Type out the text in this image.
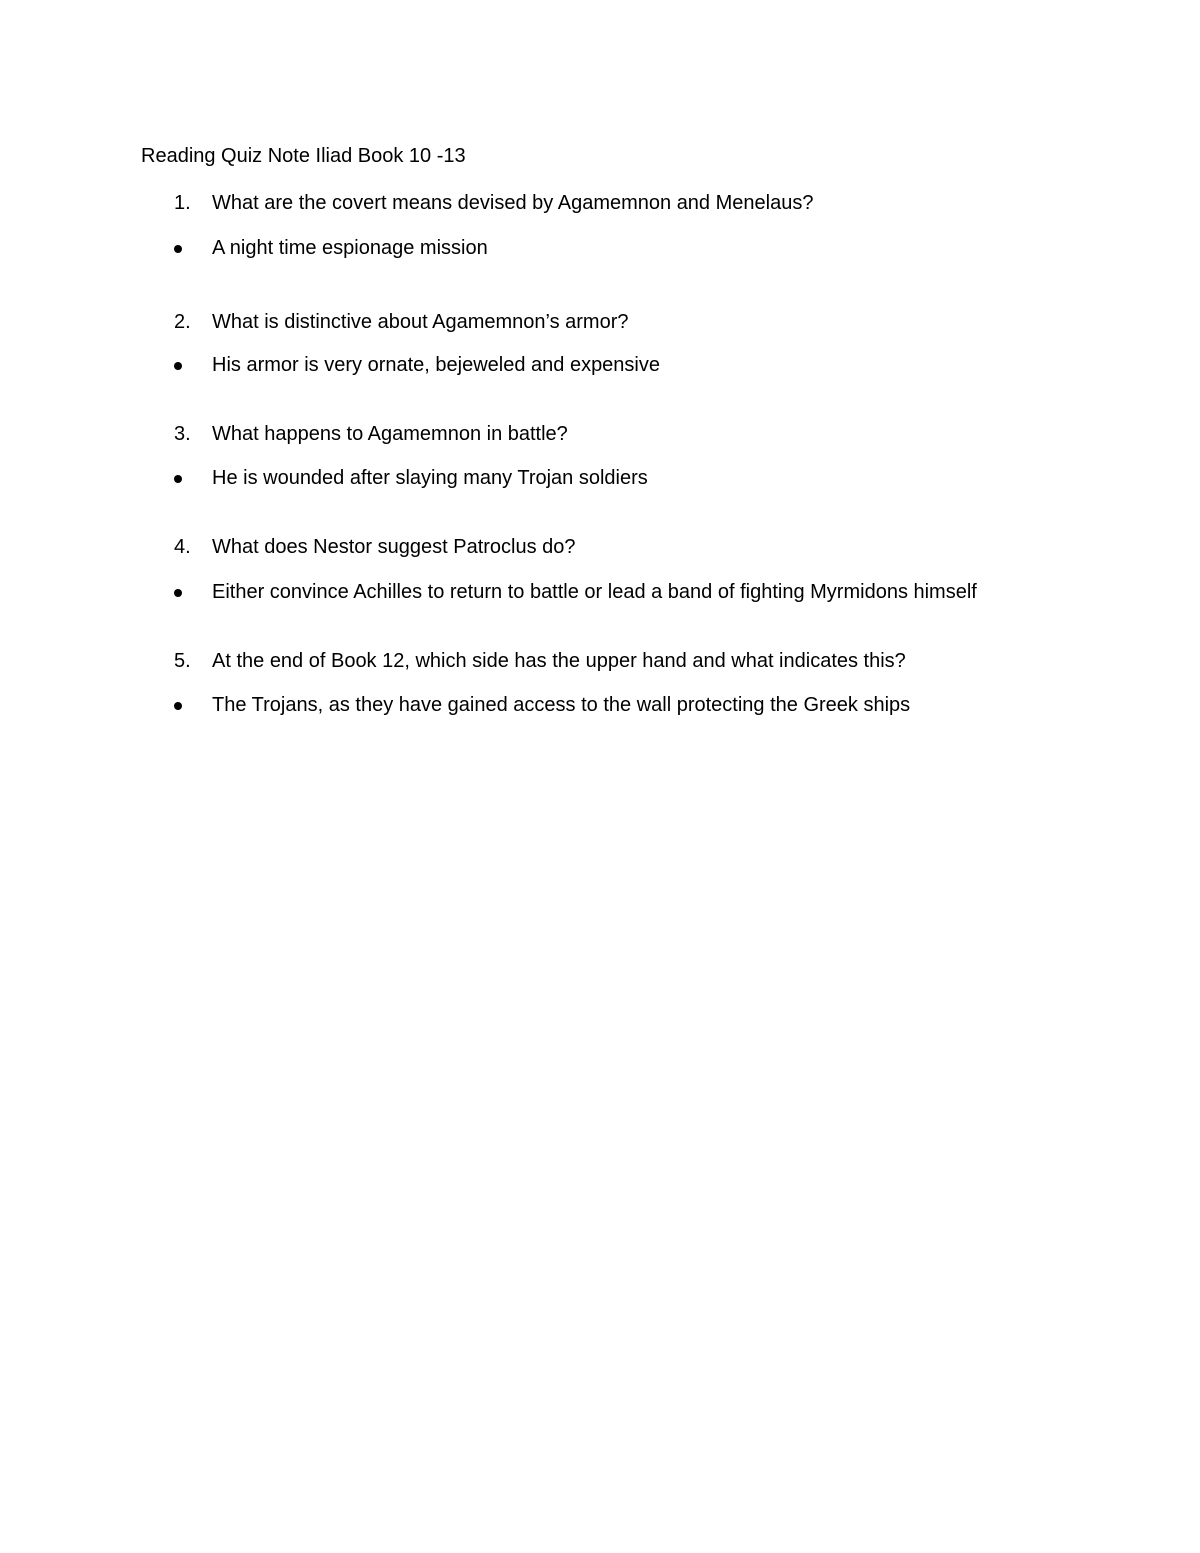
Reading Quiz Note Iliad Book 10 -13
1. What are the covert means devised by Agamemnon and Menelaus?
A night time espionage mission
2. What is distinctive about Agamemnon’s armor?
His armor is very ornate, bejeweled and expensive
3. What happens to Agamemnon in battle?
He is wounded after slaying many Trojan soldiers
4. What does Nestor suggest Patroclus do?
Either convince Achilles to return to battle or lead a band of fighting Myrmidons himself
5. At the end of Book 12, which side has the upper hand and what indicates this?
The Trojans, as they have gained access to the wall protecting the Greek ships
